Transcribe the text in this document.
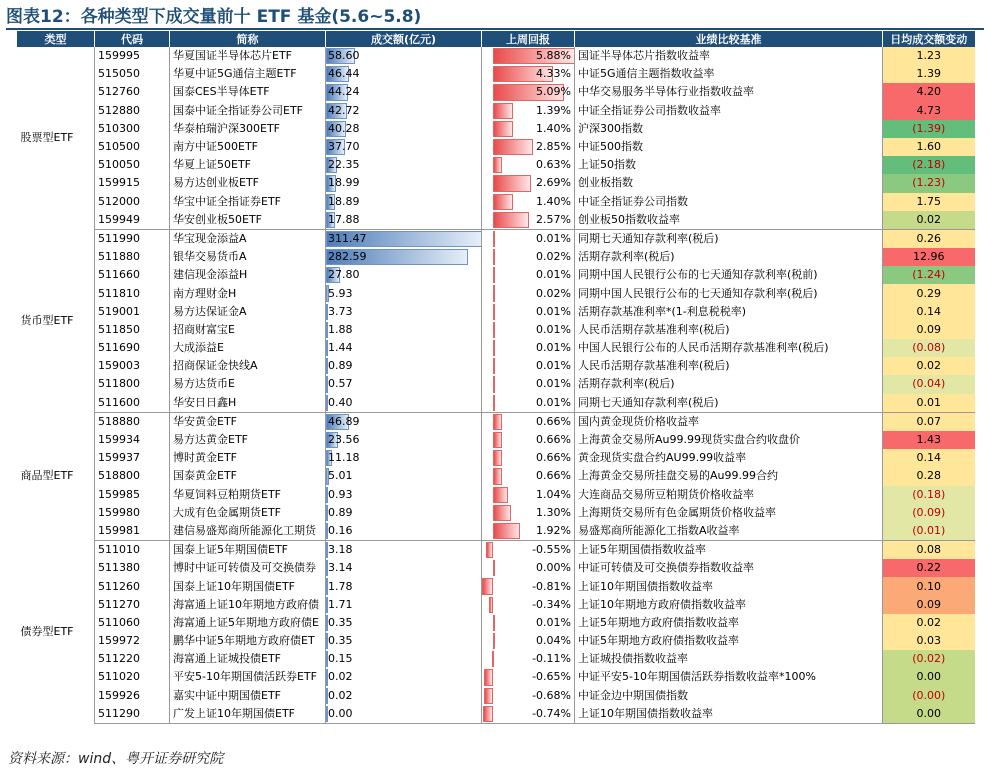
图表12：各种类型下成交量前十 ETF 基金(5.6~5.8)
类型	代码	简称	成交额(亿元)	上周回报	业绩比较基准	日均成交额变动
股票型ETF	159995	华夏国证半导体芯片ETF	58.60	5.88%	国证半导体芯片指数收益率	1.23
	515050	华夏中证5G通信主题ETF	46.44	4.33%	中证5G通信主题指数收益率	1.39
	512760	国泰CES半导体ETF	44.24	5.09%	中华交易服务半导体行业指数收益率	4.20
	512880	国泰中证全指证券公司ETF	42.72	1.39%	中证全指证券公司指数收益率	4.73
	510300	华泰柏瑞沪深300ETF	40.28	1.40%	沪深300指数	(1.39)
	510500	南方中证500ETF	37.70	2.85%	中证500指数	1.60
	510050	华夏上证50ETF	22.35	0.63%	上证50指数	(2.18)
	159915	易方达创业板ETF	18.99	2.69%	创业板指数	(1.23)
	512000	华宝中证全指证券ETF	18.89	1.40%	中证全指证券公司指数	1.75
	159949	华安创业板50ETF	17.88	2.57%	创业板50指数收益率	0.02
货币型ETF	511990	华宝现金添益A	311.47	0.01%	同期七天通知存款利率(税后)	0.26
	511880	银华交易货币A	282.59	0.02%	活期存款利率(税后)	12.96
	511660	建信现金添益H	27.80	0.01%	同期中国人民银行公布的七天通知存款利率(税前)	(1.24)
	511810	南方理财金H	5.93	0.02%	同期中国人民银行公布的七天通知存款利率(税后)	0.29
	519001	易方达保证金A	3.73	0.01%	活期存款基准利率*(1-利息税税率)	0.14
	511850	招商财富宝E	1.88	0.01%	人民币活期存款基准利率(税后)	0.09
	511690	大成添益E	1.44	0.01%	中国人民银行公布的人民币活期存款基准利率(税后)	(0.08)
	159003	招商保证金快线A	0.89	0.01%	人民币活期存款基准利率(税后)	0.02
	511800	易方达货币E	0.57	0.01%	活期存款利率(税后)	(0.04)
	511600	华安日日鑫H	0.40	0.01%	同期七天通知存款利率(税后)	0.01
商品型ETF	518880	华安黄金ETF	46.89	0.66%	国内黄金现货价格收益率	0.07
	159934	易方达黄金ETF	23.56	0.66%	上海黄金交易所Au99.99现货实盘合约收盘价	1.43
	159937	博时黄金ETF	11.18	0.66%	黄金现货实盘合约AU99.99收益率	0.14
	518800	国泰黄金ETF	5.01	0.66%	上海黄金交易所挂盘交易的Au99.99合约	0.28
	159985	华夏饲料豆粕期货ETF	0.93	1.04%	大连商品交易所豆粕期货价格收益率	(0.18)
	159980	大成有色金属期货ETF	0.89	1.30%	上海期货交易所有色金属期货价格收益率	(0.09)
	159981	建信易盛郑商所能源化工期货	0.16	1.92%	易盛郑商所能源化工指数A收益率	(0.01)
债券型ETF	511010	国泰上证5年期国债ETF	3.18	-0.55%	上证5年期国债指数收益率	0.08
	511380	博时中证可转债及可交换债券	3.14	0.00%	中证可转债及可交换债券指数收益率	0.22
	511260	国泰上证10年期国债ETF	1.78	-0.81%	上证10年期国债指数收益率	0.10
	511270	海富通上证10年期地方政府债	1.71	-0.34%	上证10年期地方政府债指数收益率	0.09
	511060	海富通上证5年期地方政府债E	0.35	0.01%	上证5年期地方政府债指数收益率	0.02
	159972	鹏华中证5年期地方政府债ET	0.35	0.04%	中证5年期地方政府债指数收益率	0.03
	511220	海富通上证城投债ETF	0.15	-0.11%	上证城投债指数收益率	(0.02)
	511020	平安5-10年期国债活跃券ETF	0.02	-0.65%	中证平安5-10年期国债活跃券指数收益率*100%	0.00
	159926	嘉实中证中期国债ETF	0.02	-0.68%	中证金边中期国债指数	(0.00)
	511290	广发上证10年期国债ETF	0.00	-0.74%	上证10年期国债指数收益率	0.00
资料来源：wind、粤开证券研究院
